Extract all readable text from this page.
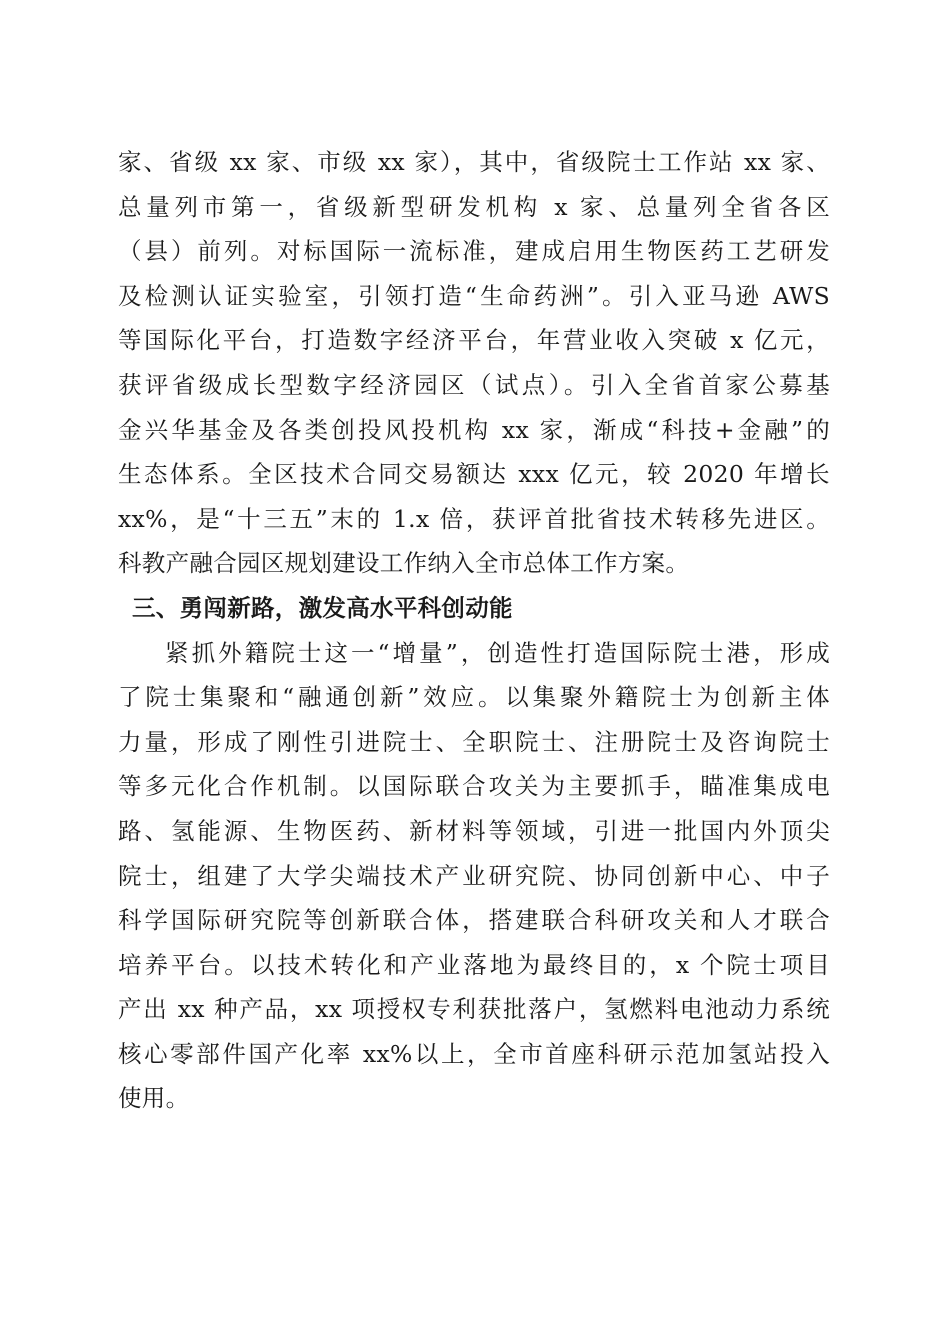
家、省级 xx 家、市级 xx 家），其中，省级院士工作站 xx 家、
总量列市第一，省级新型研发机构 x 家、总量列全省各区
（县）前列。对标国际一流标准，建成启用生物医药工艺研发
及检测认证实验室，引领打造“生命药洲”。引入亚马逊 AWS
等国际化平台，打造数字经济平台，年营业收入突破 x 亿元，
获评省级成长型数字经济园区（试点）。引入全省首家公募基
金兴华基金及各类创投风投机构 xx 家，渐成“科技+金融”的
生态体系。全区技术合同交易额达 xxx 亿元，较 2020 年增长
xx%，是“十三五”末的 1.x 倍，获评首批省技术转移先进区。
科教产融合园区规划建设工作纳入全市总体工作方案。
三、勇闯新路，激发高水平科创动能
紧抓外籍院士这一“增量”，创造性打造国际院士港，形成
了院士集聚和“融通创新”效应。以集聚外籍院士为创新主体
力量，形成了刚性引进院士、全职院士、注册院士及咨询院士
等多元化合作机制。以国际联合攻关为主要抓手，瞄准集成电
路、氢能源、生物医药、新材料等领域，引进一批国内外顶尖
院士，组建了大学尖端技术产业研究院、协同创新中心、中子
科学国际研究院等创新联合体，搭建联合科研攻关和人才联合
培养平台。以技术转化和产业落地为最终目的，x 个院士项目
产出 xx 种产品，xx 项授权专利获批落户，氢燃料电池动力系统
核心零部件国产化率 xx%以上，全市首座科研示范加氢站投入
使用。
